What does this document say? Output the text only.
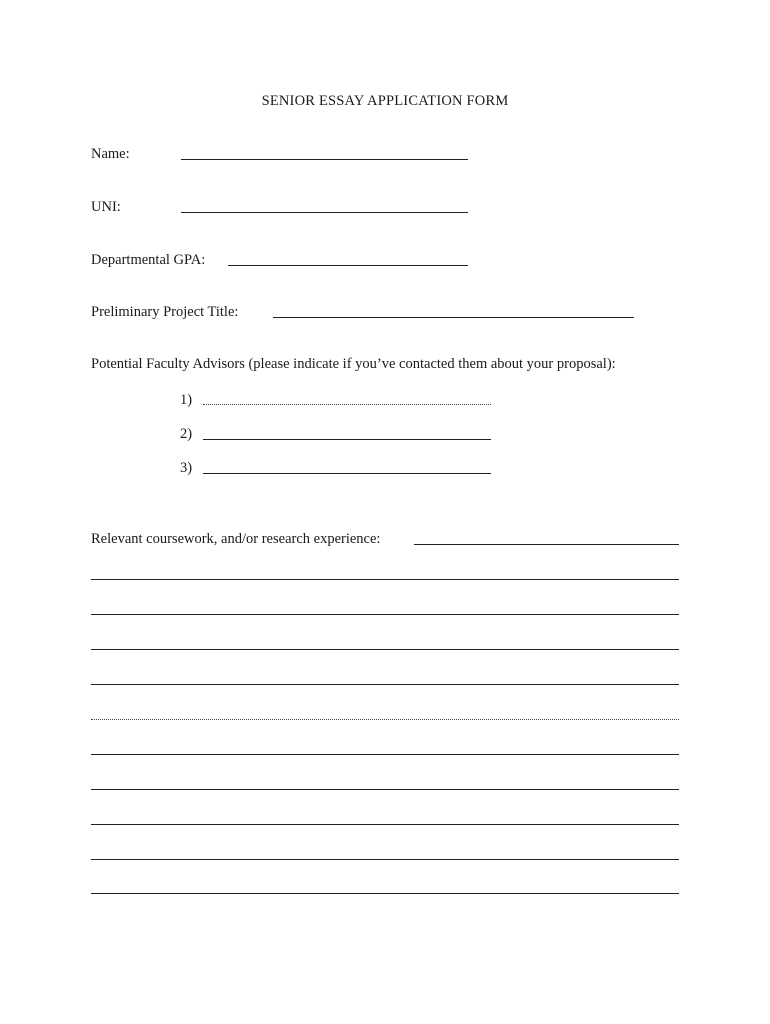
SENIOR ESSAY APPLICATION FORM
Name:
UNI:
Departmental GPA:
Preliminary Project Title:
Potential Faculty Advisors (please indicate if you’ve contacted them about your proposal):
1)
2)
3)
Relevant coursework, and/or research experience:
